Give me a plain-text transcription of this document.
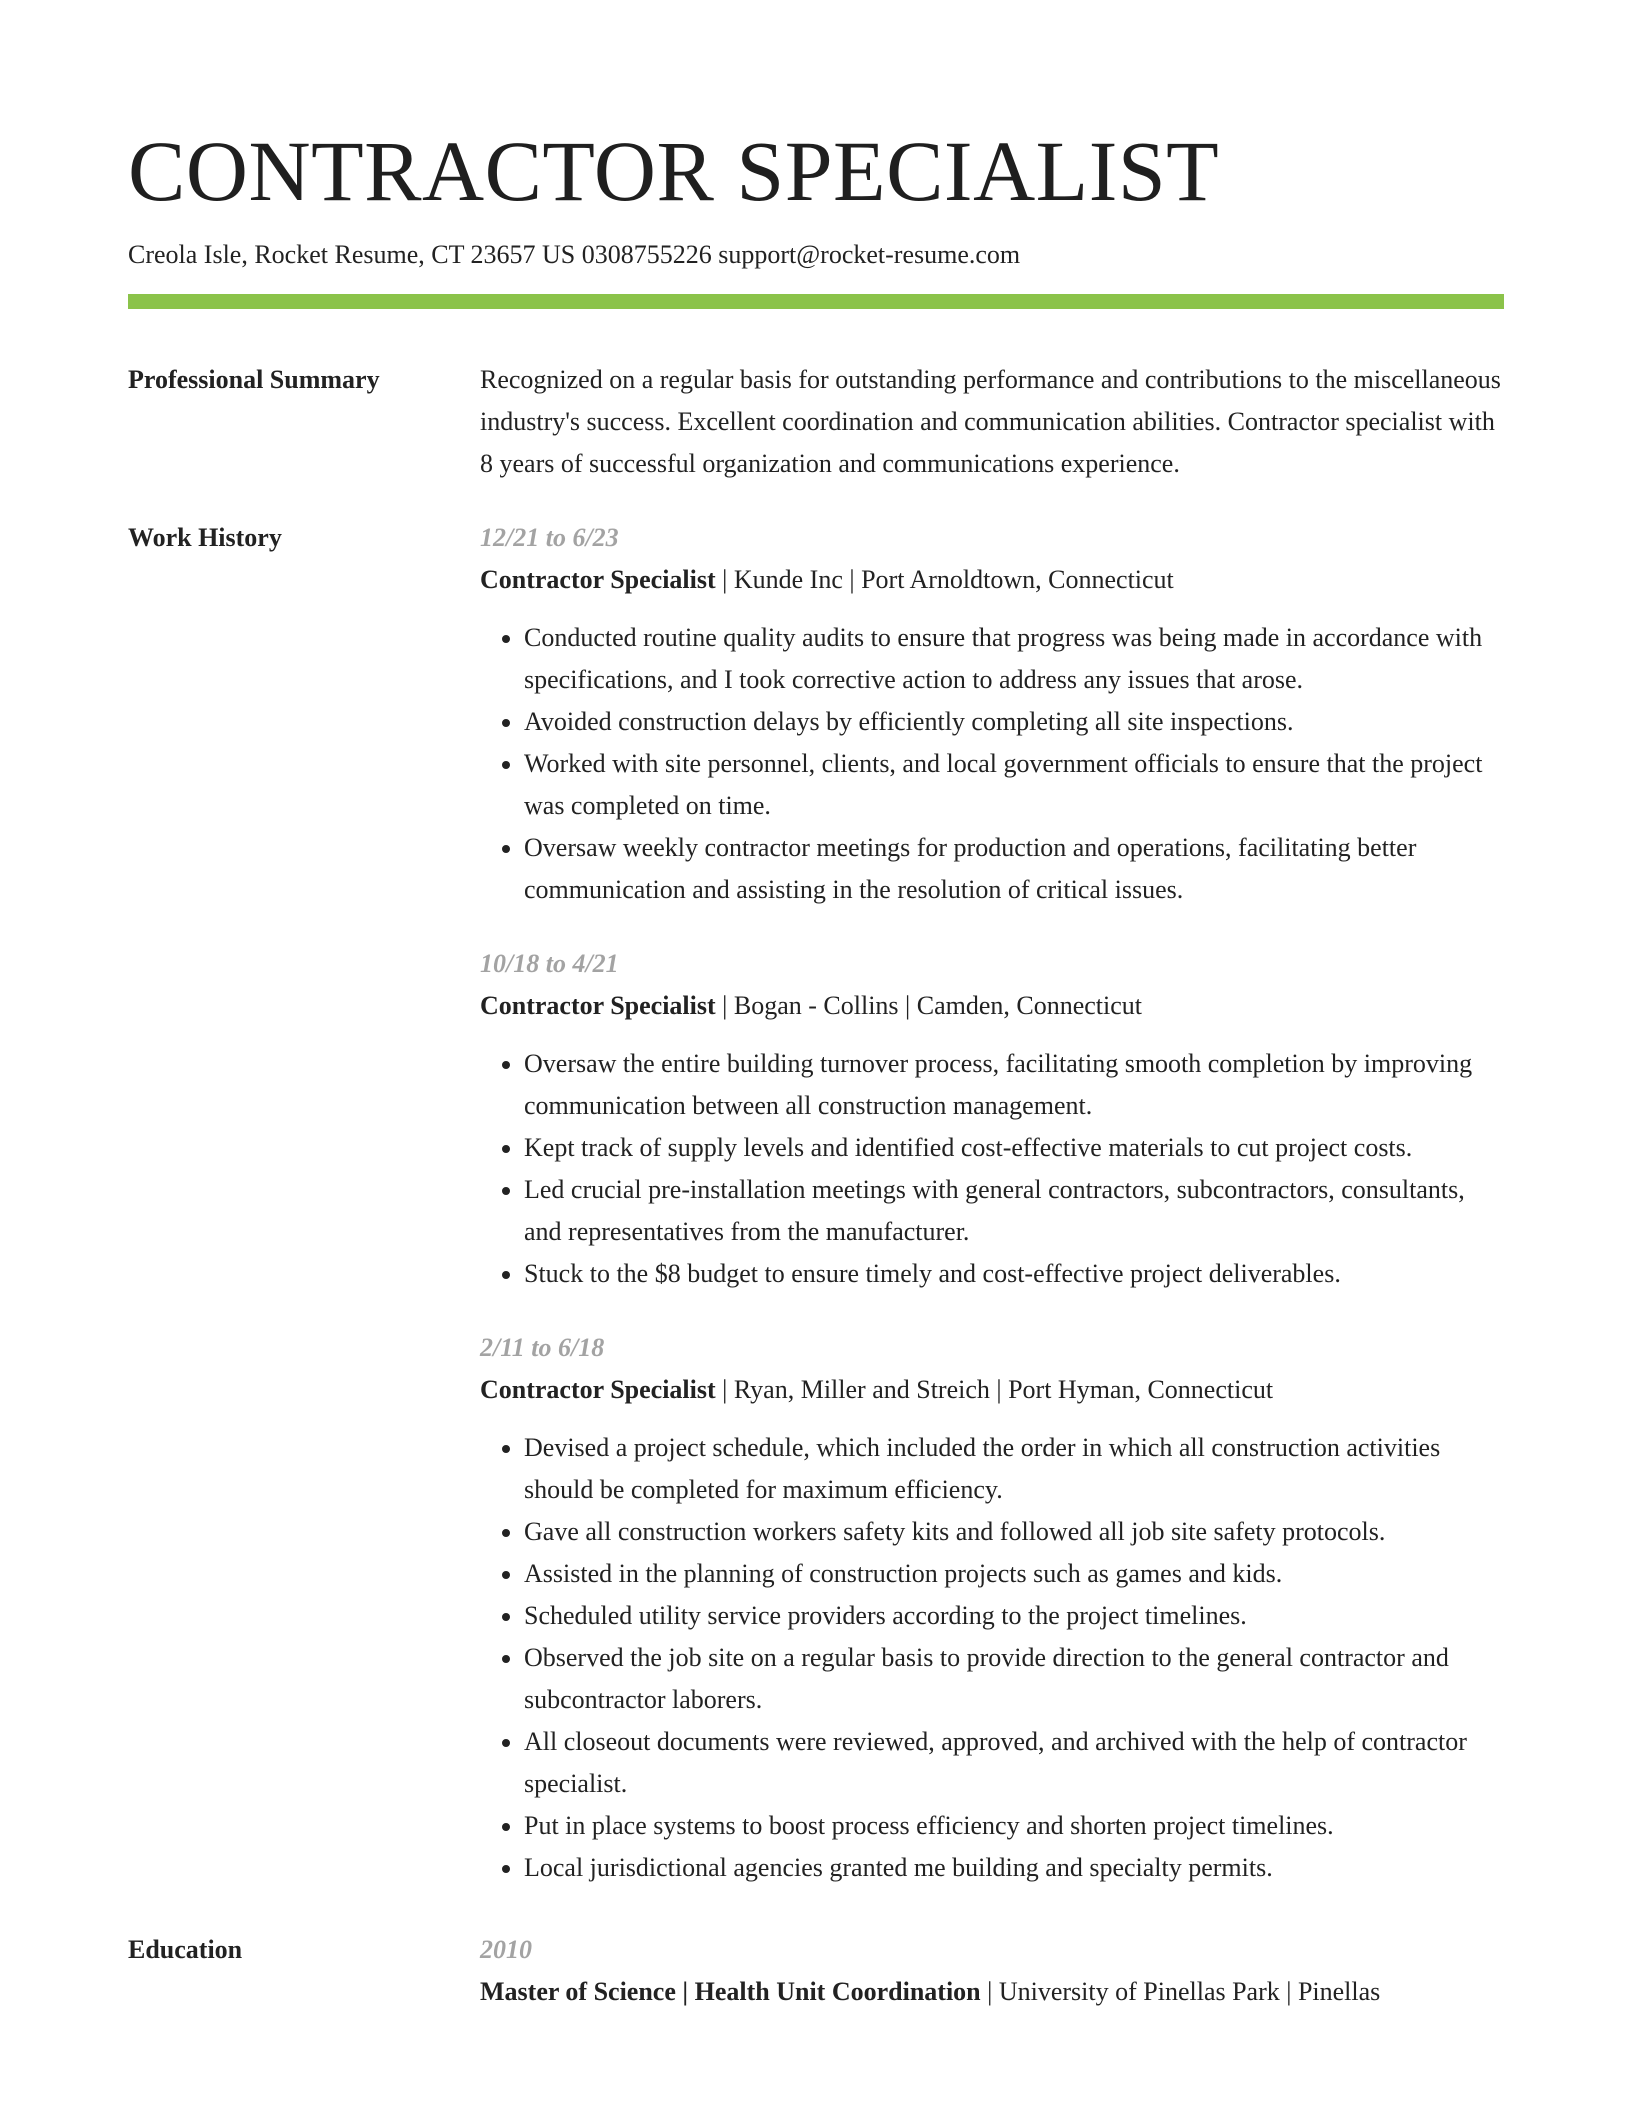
CONTRACTOR SPECIALIST
Creola Isle, Rocket Resume, CT 23657 US 0308755226 support@rocket-resume.com
Professional Summary	Recognized on a regular basis for outstanding performance and contributions to the miscellaneous industry's success. Excellent coordination and communication abilities. Contractor specialist with 8 years of successful organization and communications experience.

Work History	12/21 to 6/23
Contractor Specialist | Kunde Inc | Port Arnoldtown, Connecticut
• Conducted routine quality audits to ensure that progress was being made in accordance with specifications, and I took corrective action to address any issues that arose.
• Avoided construction delays by efficiently completing all site inspections.
• Worked with site personnel, clients, and local government officials to ensure that the project was completed on time.
• Oversaw weekly contractor meetings for production and operations, facilitating better communication and assisting in the resolution of critical issues.
10/18 to 4/21
Contractor Specialist | Bogan - Collins | Camden, Connecticut
• Oversaw the entire building turnover process, facilitating smooth completion by improving communication between all construction management.
• Kept track of supply levels and identified cost-effective materials to cut project costs.
• Led crucial pre-installation meetings with general contractors, subcontractors, consultants, and representatives from the manufacturer.
• Stuck to the $8 budget to ensure timely and cost-effective project deliverables.
2/11 to 6/18
Contractor Specialist | Ryan, Miller and Streich | Port Hyman, Connecticut
• Devised a project schedule, which included the order in which all construction activities should be completed for maximum efficiency.
• Gave all construction workers safety kits and followed all job site safety protocols.
• Assisted in the planning of construction projects such as games and kids.
• Scheduled utility service providers according to the project timelines.
• Observed the job site on a regular basis to provide direction to the general contractor and subcontractor laborers.
• All closeout documents were reviewed, approved, and archived with the help of contractor specialist.
• Put in place systems to boost process efficiency and shorten project timelines.
• Local jurisdictional agencies granted me building and specialty permits.
Education	2010
Master of Science | Health Unit Coordination | University of Pinellas Park | Pinellas
